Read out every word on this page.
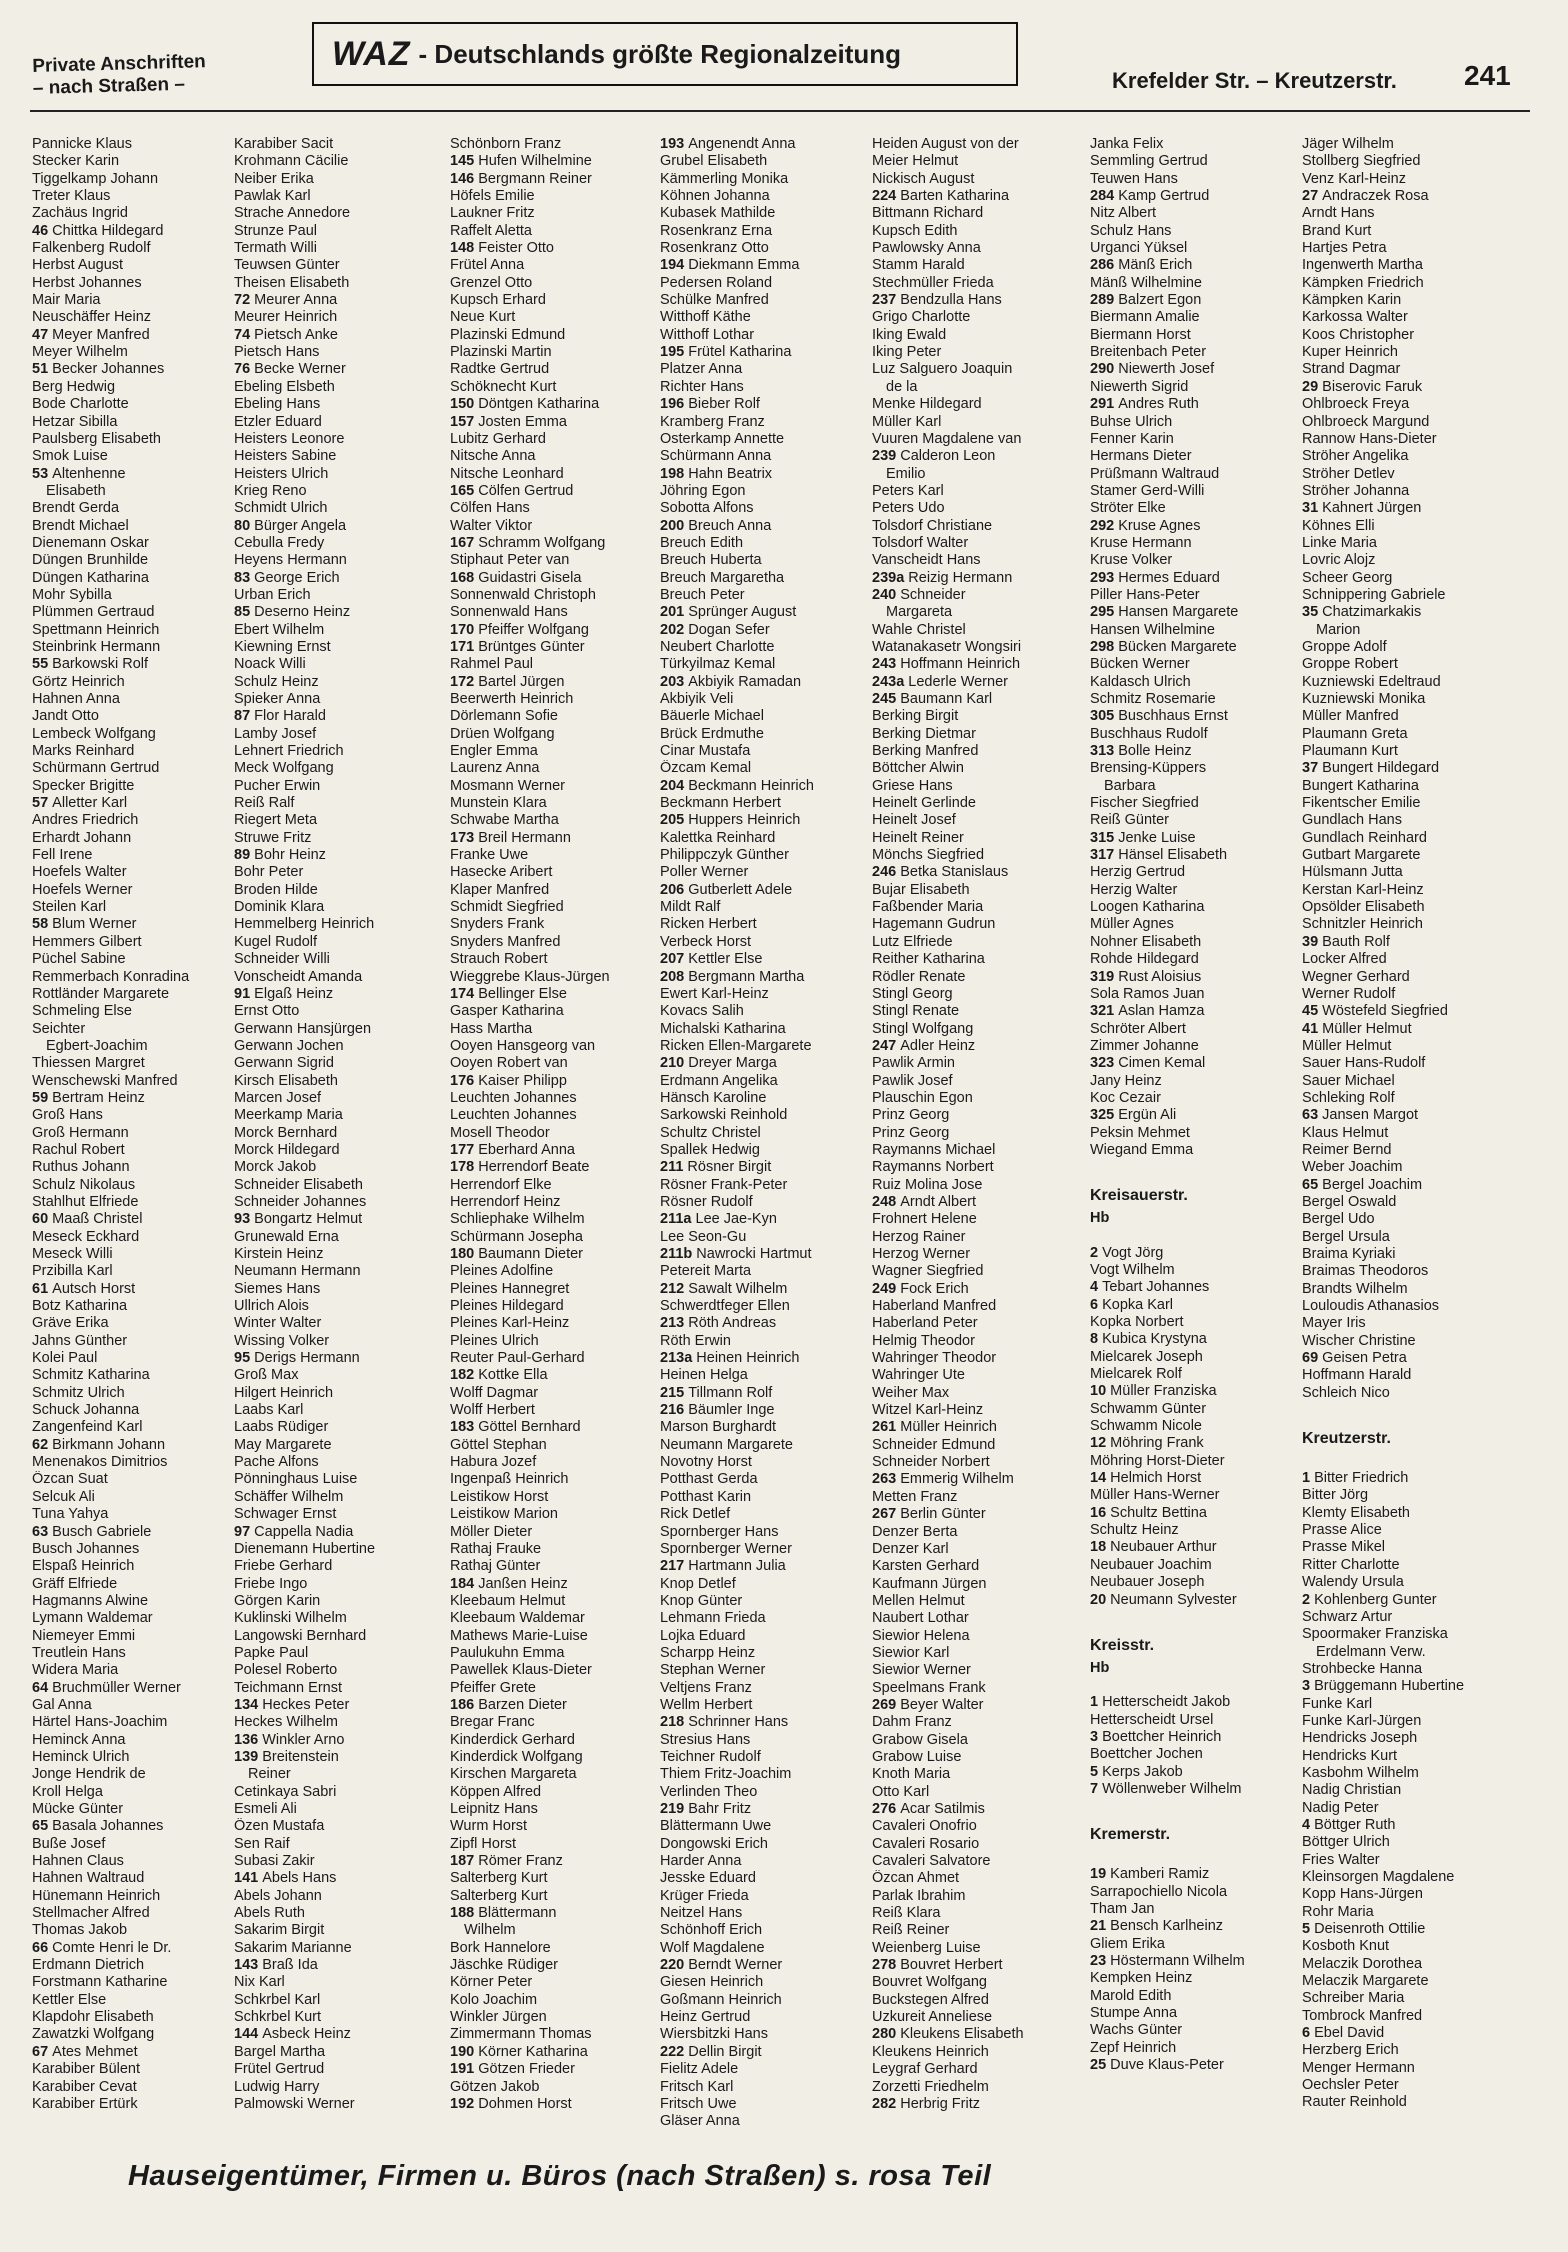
Private Anschriften
– nach Straßen –
WAZ - Deutschlands größte Regionalzeitung
Krefelder Str. – Kreutzerstr. 241
Pannicke Klaus
Stecker Karin
Tiggelkamp Johann
Treter Klaus
Zachäus Ingrid
46 Chittka Hildegard
Falkenberg Rudolf
Herbst August
Herbst Johannes
Mair Maria
Neuschäffer Heinz
47 Meyer Manfred
Meyer Wilhelm
51 Becker Johannes
Berg Hedwig
Bode Charlotte
Hetzar Sibilla
Paulsberg Elisabeth
Smok Luise
53 Altenhenne
Elisabeth
Brendt Gerda
Brendt Michael
Dienemann Oskar
Düngen Brunhilde
Düngen Katharina
Mohr Sybilla
Plümmen Gertraud
Spettmann Heinrich
Steinbrink Hermann
55 Barkowski Rolf
Görtz Heinrich
Hahnen Anna
Jandt Otto
Lembeck Wolfgang
Marks Reinhard
Schürmann Gertrud
Specker Brigitte
57 Alletter Karl
Andres Friedrich
Erhardt Johann
Fell Irene
Hoefels Walter
Hoefels Werner
Steilen Karl
58 Blum Werner
Hemmers Gilbert
Püchel Sabine
Remmerbach Konradina
Rottländer Margarete
Schmeling Else
Seichter
Egbert-Joachim
Thiessen Margret
Wenschewski Manfred
59 Bertram Heinz
Groß Hans
Groß Hermann
Rachul Robert
Ruthus Johann
Schulz Nikolaus
Stahlhut Elfriede
60 Maaß Christel
Meseck Eckhard
Meseck Willi
Przibilla Karl
61 Autsch Horst
Botz Katharina
Gräve Erika
Jahns Günther
Kolei Paul
Schmitz Katharina
Schmitz Ulrich
Schuck Johanna
Zangenfeind Karl
62 Birkmann Johann
Menenakos Dimitrios
Özcan Suat
Selcuk Ali
Tuna Yahya
63 Busch Gabriele
Busch Johannes
Elspaß Heinrich
Gräff Elfriede
Hagmanns Alwine
Lymann Waldemar
Niemeyer Emmi
Treutlein Hans
Widera Maria
64 Bruchmüller Werner
Gal Anna
Härtel Hans-Joachim
Heminck Anna
Heminck Ulrich
Jonge Hendrik de
Kroll Helga
Mücke Günter
65 Basala Johannes
Buße Josef
Hahnen Claus
Hahnen Waltraud
Hünemann Heinrich
Stellmacher Alfred
Thomas Jakob
66 Comte Henri le Dr.
Erdmann Dietrich
Forstmann Katharine
Kettler Else
Klapdohr Elisabeth
Zawatzki Wolfgang
67 Ates Mehmet
Karabiber Bülent
Karabiber Cevat
Karabiber Ertürk
Karabiber Sacit
Krohmann Cäcilie
Neiber Erika
Pawlak Karl
Strache Annedore
Strunze Paul
Termath Willi
Teuwsen Günter
Theisen Elisabeth
72 Meurer Anna
Meurer Heinrich
74 Pietsch Anke
Pietsch Hans
76 Becke Werner
Ebeling Elsbeth
Ebeling Hans
Etzler Eduard
Heisters Leonore
Heisters Sabine
Heisters Ulrich
Krieg Reno
Schmidt Ulrich
80 Bürger Angela
Cebulla Fredy
Heyens Hermann
83 George Erich
Urban Erich
85 Deserno Heinz
Ebert Wilhelm
Kiewning Ernst
Noack Willi
Schulz Heinz
Spieker Anna
87 Flor Harald
Lamby Josef
Lehnert Friedrich
Meck Wolfgang
Pucher Erwin
Reiß Ralf
Riegert Meta
Struwe Fritz
89 Bohr Heinz
Bohr Peter
Broden Hilde
Dominik Klara
Hemmelberg Heinrich
Kugel Rudolf
Schneider Willi
Vonscheidt Amanda
91 Elgaß Heinz
Ernst Otto
Gerwann Hansjürgen
Gerwann Jochen
Gerwann Sigrid
Kirsch Elisabeth
Marcen Josef
Meerkamp Maria
Morck Bernhard
Morck Hildegard
Morck Jakob
Schneider Elisabeth
Schneider Johannes
93 Bongartz Helmut
Grunewald Erna
Kirstein Heinz
Neumann Hermann
Siemes Hans
Ullrich Alois
Winter Walter
Wissing Volker
95 Derigs Hermann
Groß Max
Hilgert Heinrich
Laabs Karl
Laabs Rüdiger
May Margarete
Pache Alfons
Pönninghaus Luise
Schäffer Wilhelm
Schwager Ernst
97 Cappella Nadia
Dienemann Hubertine
Friebe Gerhard
Friebe Ingo
Görgen Karin
Kuklinski Wilhelm
Langowski Bernhard
Papke Paul
Polesel Roberto
Teichmann Ernst
134 Heckes Peter
Heckes Wilhelm
136 Winkler Arno
139 Breitenstein
Reiner
Cetinkaya Sabri
Esmeli Ali
Özen Mustafa
Sen Raif
Subasi Zakir
141 Abels Hans
Abels Johann
Abels Ruth
Sakarim Birgit
Sakarim Marianne
143 Braß Ida
Nix Karl
Schkrbel Karl
Schkrbel Kurt
144 Asbeck Heinz
Bargel Martha
Frütel Gertrud
Ludwig Harry
Palmowski Werner
Schönborn Franz
145 Hufen Wilhelmine
146 Bergmann Reiner
Höfels Emilie
Laukner Fritz
Raffelt Aletta
148 Feister Otto
Frütel Anna
Grenzel Otto
Kupsch Erhard
Neue Kurt
Plazinski Edmund
Plazinski Martin
Radtke Gertrud
Schöknecht Kurt
150 Döntgen Katharina
157 Josten Emma
Lubitz Gerhard
Nitsche Anna
Nitsche Leonhard
165 Cölfen Gertrud
Cölfen Hans
Walter Viktor
167 Schramm Wolfgang
Stiphaut Peter van
168 Guidastri Gisela
Sonnenwald Christoph
Sonnenwald Hans
170 Pfeiffer Wolfgang
171 Brüntges Günter
Rahmel Paul
172 Bartel Jürgen
Beerwerth Heinrich
Dörlemann Sofie
Drüen Wolfgang
Engler Emma
Laurenz Anna
Mosmann Werner
Munstein Klara
Schwabe Martha
173 Breil Hermann
Franke Uwe
Hasecke Aribert
Klaper Manfred
Schmidt Siegfried
Snyders Frank
Snyders Manfred
Strauch Robert
Wieggrebe Klaus-Jürgen
174 Bellinger Else
Gasper Katharina
Hass Martha
Ooyen Hansgeorg van
Ooyen Robert van
176 Kaiser Philipp
Leuchten Johannes
Leuchten Johannes
Mosell Theodor
177 Eberhard Anna
178 Herrendorf Beate
Herrendorf Elke
Herrendorf Heinz
Schliephake Wilhelm
Schürmann Josepha
180 Baumann Dieter
Pleines Adolfine
Pleines Hannegret
Pleines Hildegard
Pleines Karl-Heinz
Pleines Ulrich
Reuter Paul-Gerhard
182 Kottke Ella
Wolff Dagmar
Wolff Herbert
183 Göttel Bernhard
Göttel Stephan
Habura Jozef
Ingenpaß Heinrich
Leistikow Horst
Leistikow Marion
Möller Dieter
Rathaj Frauke
Rathaj Günter
184 Janßen Heinz
Kleebaum Helmut
Kleebaum Waldemar
Mathews Marie-Luise
Paulukuhn Emma
Pawellek Klaus-Dieter
Pfeiffer Grete
186 Barzen Dieter
Bregar Franc
Kinderdick Gerhard
Kinderdick Wolfgang
Kirschen Margareta
Köppen Alfred
Leipnitz Hans
Wurm Horst
Zipfl Horst
187 Römer Franz
Salterberg Kurt
Salterberg Kurt
188 Blättermann
Wilhelm
Bork Hannelore
Jäschke Rüdiger
Körner Peter
Kolo Joachim
Winkler Jürgen
Zimmermann Thomas
190 Körner Katharina
191 Götzen Frieder
Götzen Jakob
192 Dohmen Horst
193 Angenendt Anna
Grubel Elisabeth
Kämmerling Monika
Köhnen Johanna
Kubasek Mathilde
Rosenkranz Erna
Rosenkranz Otto
194 Diekmann Emma
Pedersen Roland
Schülke Manfred
Witthoff Käthe
Witthoff Lothar
195 Frütel Katharina
Platzer Anna
Richter Hans
196 Bieber Rolf
Kramberg Franz
Osterkamp Annette
Schürmann Anna
198 Hahn Beatrix
Jöhring Egon
Sobotta Alfons
200 Breuch Anna
Breuch Edith
Breuch Huberta
Breuch Margaretha
Breuch Peter
201 Sprünger August
202 Dogan Sefer
Neubert Charlotte
Türkyilmaz Kemal
203 Akbiyik Ramadan
Akbiyik Veli
Bäuerle Michael
Brück Erdmuthe
Cinar Mustafa
Özcam Kemal
204 Beckmann Heinrich
Beckmann Herbert
205 Huppers Heinrich
Kalettka Reinhard
Philippczyk Günther
Poller Werner
206 Gutberlett Adele
Mildt Ralf
Ricken Herbert
Verbeck Horst
207 Kettler Else
208 Bergmann Martha
Ewert Karl-Heinz
Kovacs Salih
Michalski Katharina
Ricken Ellen-Margarete
210 Dreyer Marga
Erdmann Angelika
Hänsch Karoline
Sarkowski Reinhold
Schultz Christel
Spallek Hedwig
211 Rösner Birgit
Rösner Frank-Peter
Rösner Rudolf
211a Lee Jae-Kyn
Lee Seon-Gu
211b Nawrocki Hartmut
Petereit Marta
212 Sawalt Wilhelm
Schwerdtfeger Ellen
213 Röth Andreas
Röth Erwin
213a Heinen Heinrich
Heinen Helga
215 Tillmann Rolf
216 Bäumler Inge
Marson Burghardt
Neumann Margarete
Novotny Horst
Potthast Gerda
Potthast Karin
Rick Detlef
Spornberger Hans
Spornberger Werner
217 Hartmann Julia
Knop Detlef
Knop Günter
Lehmann Frieda
Lojka Eduard
Scharpp Heinz
Stephan Werner
Veltjens Franz
Wellm Herbert
218 Schrinner Hans
Stresius Hans
Teichner Rudolf
Thiem Fritz-Joachim
Verlinden Theo
219 Bahr Fritz
Blättermann Uwe
Dongowski Erich
Harder Anna
Jesske Eduard
Krüger Frieda
Neitzel Hans
Schönhoff Erich
Wolf Magdalene
220 Berndt Werner
Giesen Heinrich
Goßmann Heinrich
Heinz Gertrud
Wiersbitzki Hans
222 Dellin Birgit
Fielitz Adele
Fritsch Karl
Fritsch Uwe
Gläser Anna
Heiden August von der
Meier Helmut
Nickisch August
224 Barten Katharina
Bittmann Richard
Kupsch Edith
Pawlowsky Anna
Stamm Harald
Stechmüller Frieda
237 Bendzulla Hans
Grigo Charlotte
Iking Ewald
Iking Peter
Luz Salguero Joaquin
de la
Menke Hildegard
Müller Karl
Vuuren Magdalene van
239 Calderon Leon
Emilio
Peters Karl
Peters Udo
Tolsdorf Christiane
Tolsdorf Walter
Vanscheidt Hans
239a Reizig Hermann
240 Schneider
Margareta
Wahle Christel
Watanakasetr Wongsiri
243 Hoffmann Heinrich
243a Lederle Werner
245 Baumann Karl
Berking Birgit
Berking Dietmar
Berking Manfred
Böttcher Alwin
Griese Hans
Heinelt Gerlinde
Heinelt Josef
Heinelt Reiner
Mönchs Siegfried
246 Betka Stanislaus
Bujar Elisabeth
Faßbender Maria
Hagemann Gudrun
Lutz Elfriede
Reither Katharina
Rödler Renate
Stingl Georg
Stingl Renate
Stingl Wolfgang
247 Adler Heinz
Pawlik Armin
Pawlik Josef
Plauschin Egon
Prinz Georg
Prinz Georg
Raymanns Michael
Raymanns Norbert
Ruiz Molina Jose
248 Arndt Albert
Frohnert Helene
Herzog Rainer
Herzog Werner
Wagner Siegfried
249 Fock Erich
Haberland Manfred
Haberland Peter
Helmig Theodor
Wahringer Theodor
Wahringer Ute
Weiher Max
Witzel Karl-Heinz
261 Müller Heinrich
Schneider Edmund
Schneider Norbert
263 Emmerig Wilhelm
Metten Franz
267 Berlin Günter
Denzer Berta
Denzer Karl
Karsten Gerhard
Kaufmann Jürgen
Mellen Helmut
Naubert Lothar
Siewior Helena
Siewior Karl
Siewior Werner
Speelmans Frank
269 Beyer Walter
Dahm Franz
Grabow Gisela
Grabow Luise
Knoth Maria
Otto Karl
276 Acar Satilmis
Cavaleri Onofrio
Cavaleri Rosario
Cavaleri Salvatore
Özcan Ahmet
Parlak Ibrahim
Reiß Klara
Reiß Reiner
Weienberg Luise
278 Bouvret Herbert
Bouvret Wolfgang
Buckstegen Alfred
Uzkureit Anneliese
280 Kleukens Elisabeth
Kleukens Heinrich
Leygraf Gerhard
Zorzetti Friedhelm
282 Herbrig Fritz
Janka Felix
Semmling Gertrud
Teuwen Hans
284 Kamp Gertrud
Nitz Albert
Schulz Hans
Urganci Yüksel
286 Mänß Erich
Mänß Wilhelmine
289 Balzert Egon
Biermann Amalie
Biermann Horst
Breitenbach Peter
290 Niewerth Josef
Niewerth Sigrid
291 Andres Ruth
Buhse Ulrich
Fenner Karin
Hermans Dieter
Prüßmann Waltraud
Stamer Gerd-Willi
Ströter Elke
292 Kruse Agnes
Kruse Hermann
Kruse Volker
293 Hermes Eduard
Piller Hans-Peter
295 Hansen Margarete
Hansen Wilhelmine
298 Bücken Margarete
Bücken Werner
Kaldasch Ulrich
Schmitz Rosemarie
305 Buschhaus Ernst
Buschhaus Rudolf
313 Bolle Heinz
Brensing-Küppers
Barbara
Fischer Siegfried
Reiß Günter
315 Jenke Luise
317 Hänsel Elisabeth
Herzig Gertrud
Herzig Walter
Loogen Katharina
Müller Agnes
Nohner Elisabeth
Rohde Hildegard
319 Rust Aloisius
Sola Ramos Juan
321 Aslan Hamza
Schröter Albert
Zimmer Johanne
323 Cimen Kemal
Jany Heinz
Koc Cezair
325 Ergün Ali
Peksin Mehmet
Wiegand Emma
Kreisauerstr.
Hb
2 Vogt Jörg
Vogt Wilhelm
4 Tebart Johannes
6 Kopka Karl
Kopka Norbert
8 Kubica Krystyna
Mielcarek Joseph
Mielcarek Rolf
10 Müller Franziska
Schwamm Günter
Schwamm Nicole
12 Möhring Frank
Möhring Horst-Dieter
14 Helmich Horst
Müller Hans-Werner
16 Schultz Bettina
Schultz Heinz
18 Neubauer Arthur
Neubauer Joachim
Neubauer Joseph
20 Neumann Sylvester
Kreisstr.
Hb
1 Hetterscheidt Jakob
Hetterscheidt Ursel
3 Boettcher Heinrich
Boettcher Jochen
5 Kerps Jakob
7 Wöllenweber Wilhelm
Kremerstr.
19 Kamberi Ramiz
Sarrapochiello Nicola
Tham Jan
21 Bensch Karlheinz
Gliem Erika
23 Höstermann Wilhelm
Kempken Heinz
Marold Edith
Stumpe Anna
Wachs Günter
Zepf Heinrich
25 Duve Klaus-Peter
Jäger Wilhelm
Stollberg Siegfried
Venz Karl-Heinz
27 Andraczek Rosa
Arndt Hans
Brand Kurt
Hartjes Petra
Ingenwerth Martha
Kämpken Friedrich
Kämpken Karin
Karkossa Walter
Koos Christopher
Kuper Heinrich
Strand Dagmar
29 Biserovic Faruk
Ohlbroeck Freya
Ohlbroeck Margund
Rannow Hans-Dieter
Ströher Angelika
Ströher Detlev
Ströher Johanna
31 Kahnert Jürgen
Köhnes Elli
Linke Maria
Lovric Alojz
Scheer Georg
Schnippering Gabriele
35 Chatzimarkakis
Marion
Groppe Adolf
Groppe Robert
Kuzniewski Edeltraud
Kuzniewski Monika
Müller Manfred
Plaumann Greta
Plaumann Kurt
37 Bungert Hildegard
Bungert Katharina
Fikentscher Emilie
Gundlach Hans
Gundlach Reinhard
Gutbart Margarete
Hülsmann Jutta
Kerstan Karl-Heinz
Opsölder Elisabeth
Schnitzler Heinrich
39 Bauth Rolf
Locker Alfred
Wegner Gerhard
Werner Rudolf
45 Wöstefeld Siegfried
41 Müller Helmut
Müller Helmut
Sauer Hans-Rudolf
Sauer Michael
Schleking Rolf
63 Jansen Margot
Klaus Helmut
Reimer Bernd
Weber Joachim
65 Bergel Joachim
Bergel Oswald
Bergel Udo
Bergel Ursula
Braima Kyriaki
Braimas Theodoros
Brandts Wilhelm
Louloudis Athanasios
Mayer Iris
Wischer Christine
69 Geisen Petra
Hoffmann Harald
Schleich Nico
Kreutzerstr.
1 Bitter Friedrich
Bitter Jörg
Klemty Elisabeth
Prasse Alice
Prasse Mikel
Ritter Charlotte
Walendy Ursula
2 Kohlenberg Gunter
Schwarz Artur
Spoormaker Franziska
Erdelmann Verw.
Strohbecke Hanna
3 Brüggemann Hubertine
Funke Karl
Funke Karl-Jürgen
Hendricks Joseph
Hendricks Kurt
Kasbohm Wilhelm
Nadig Christian
Nadig Peter
4 Böttger Ruth
Böttger Ulrich
Fries Walter
Kleinsorgen Magdalene
Kopp Hans-Jürgen
Rohr Maria
5 Deisenroth Ottilie
Kosboth Knut
Melaczik Dorothea
Melaczik Margarete
Schreiber Maria
Tombrock Manfred
6 Ebel David
Herzberg Erich
Menger Hermann
Oechsler Peter
Rauter Reinhold
Hauseigentümer, Firmen u. Büros (nach Straßen) s. rosa Teil
